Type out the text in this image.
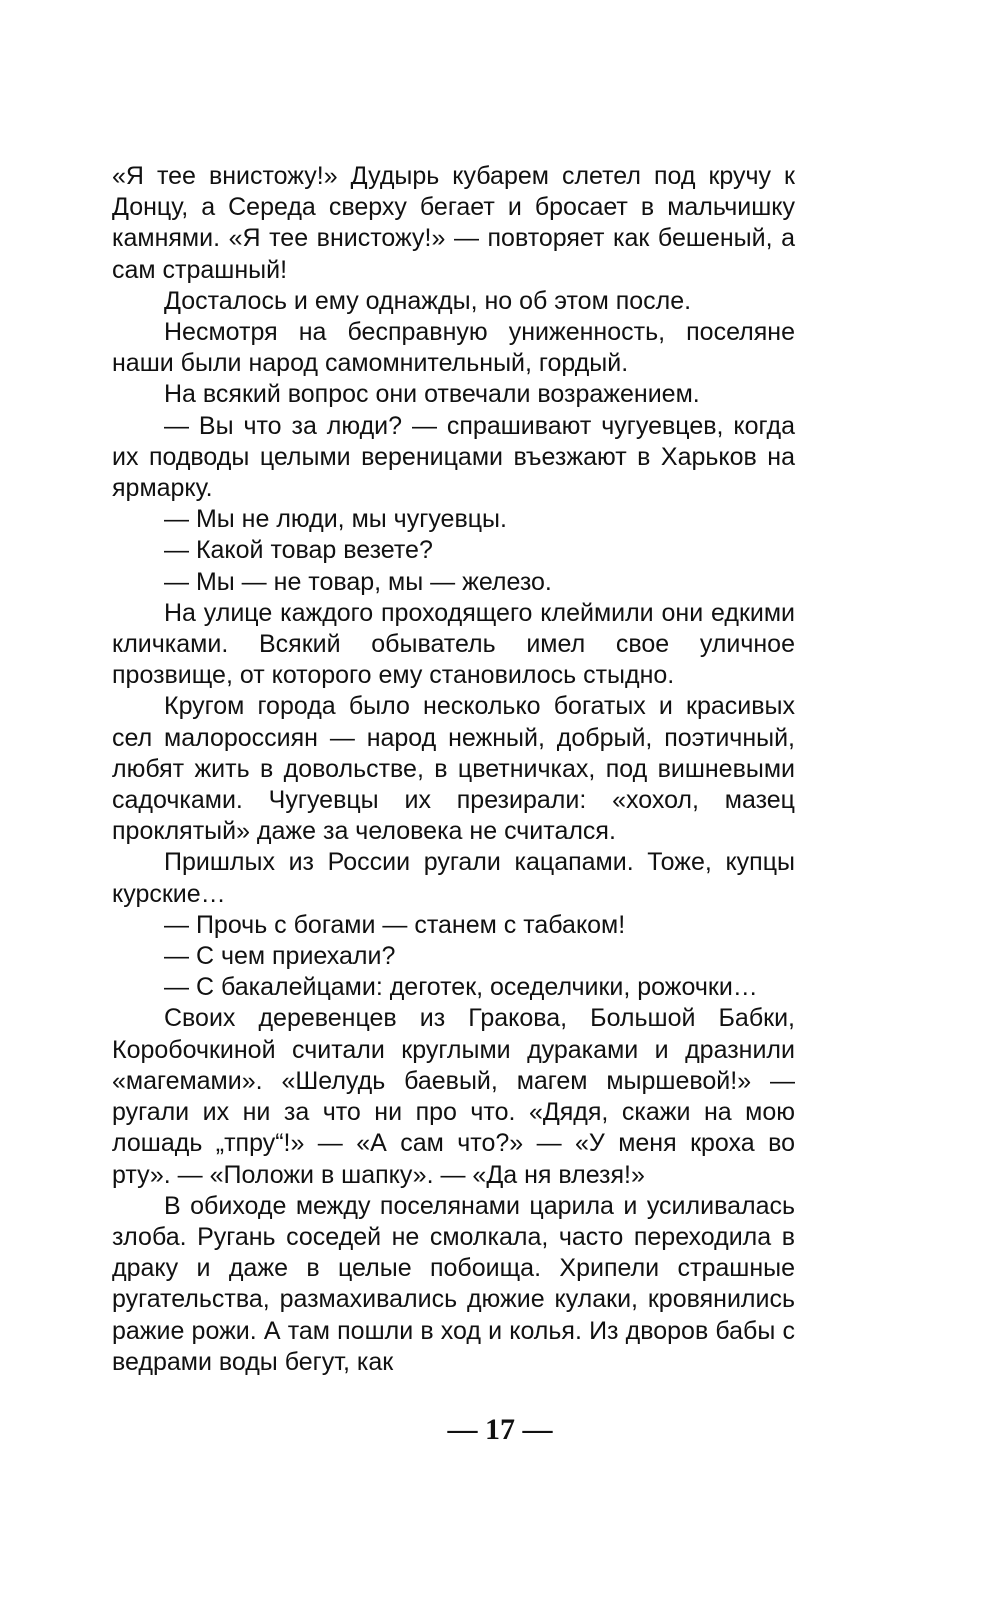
«Я тее внистожу!» Дудырь кубарем слетел под кручу к Донцу, а Середа сверху бегает и бросает в мальчишку камнями. «Я тее внистожу!» — повторяет как бешеный, а сам страшный!

Досталось и ему однажды, но об этом после.

Несмотря на бесправную униженность, поселяне наши были народ самомнительный, гордый.

На всякий вопрос они отвечали возражением.

— Вы что за люди? — спрашивают чугуевцев, когда их подводы целыми вереницами въезжают в Харьков на ярмарку.

— Мы не люди, мы чугуевцы.

— Какой товар везете?

— Мы — не товар, мы — железо.

На улице каждого проходящего клеймили они едкими кличками. Всякий обыватель имел свое уличное прозвище, от которого ему становилось стыдно.

Кругом города было несколько богатых и красивых сел малороссиян — народ нежный, добрый, поэтичный, любят жить в довольстве, в цветничках, под вишневыми садочками. Чугуевцы их презирали: «хохол, мазец проклятый» даже за человека не считался.

Пришлых из России ругали кацапами. Тоже, купцы курские…

— Прочь с богами — станем с табаком!

— С чем приехали?

— С бакалейцами: деготек, оседелчики, рожочки…

Своих деревенцев из Гракова, Большой Бабки, Коробочкиной считали круглыми дураками и дразнили «магемами». «Шелудь баевый, магем мыршевой!» — ругали их ни за что ни про что. «Дядя, скажи на мою лошадь „тпру“!» — «А сам что?» — «У меня кроха во рту». — «Положи в шапку». — «Да ня влезя!»

В обиходе между поселянами царила и усиливалась злоба. Ругань соседей не смолкала, часто переходила в драку и даже в целые побоища. Хрипели страшные ругательства, размахивались дюжие кулаки, кровянились ражие рожи. А там пошли в ход и колья. Из дворов бабы с ведрами воды бегут, как

— 17 —
